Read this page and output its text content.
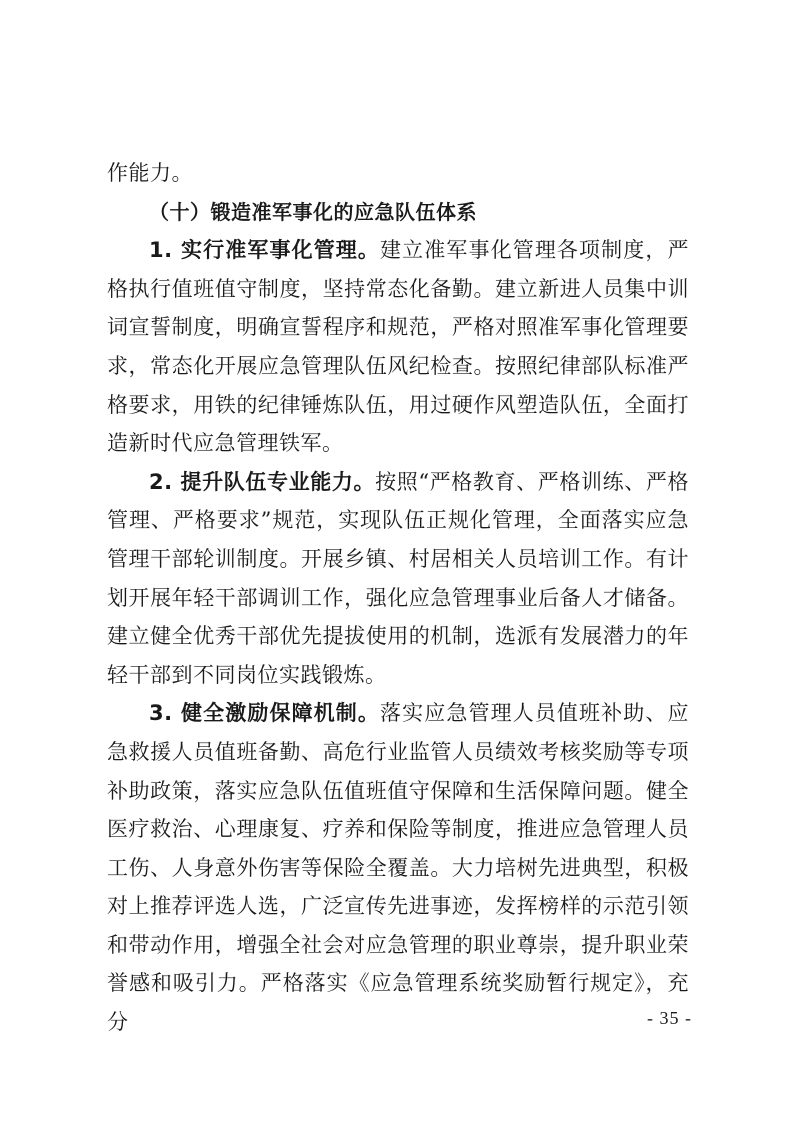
作能力。

（十）锻造准军事化的应急队伍体系

1. 实行准军事化管理。建立准军事化管理各项制度，严格执行值班值守制度，坚持常态化备勤。建立新进人员集中训词宣誓制度，明确宣誓程序和规范，严格对照准军事化管理要求，常态化开展应急管理队伍风纪检查。按照纪律部队标准严格要求，用铁的纪律锤炼队伍，用过硬作风塑造队伍，全面打造新时代应急管理铁军。

2. 提升队伍专业能力。按照“严格教育、严格训练、严格管理、严格要求”规范，实现队伍正规化管理，全面落实应急管理干部轮训制度。开展乡镇、村居相关人员培训工作。有计划开展年轻干部调训工作，强化应急管理事业后备人才储备。建立健全优秀干部优先提拔使用的机制，选派有发展潜力的年轻干部到不同岗位实践锻炼。

3. 健全激励保障机制。落实应急管理人员值班补助、应急救援人员值班备勤、高危行业监管人员绩效考核奖励等专项补助政策，落实应急队伍值班值守保障和生活保障问题。健全医疗救治、心理康复、疗养和保险等制度，推进应急管理人员工伤、人身意外伤害等保险全覆盖。大力培树先进典型，积极对上推荐评选人选，广泛宣传先进事迹，发挥榜样的示范引领和带动作用，增强全社会对应急管理的职业尊崇，提升职业荣誉感和吸引力。严格落实《应急管理系统奖励暂行规定》，充分	- 35 -
